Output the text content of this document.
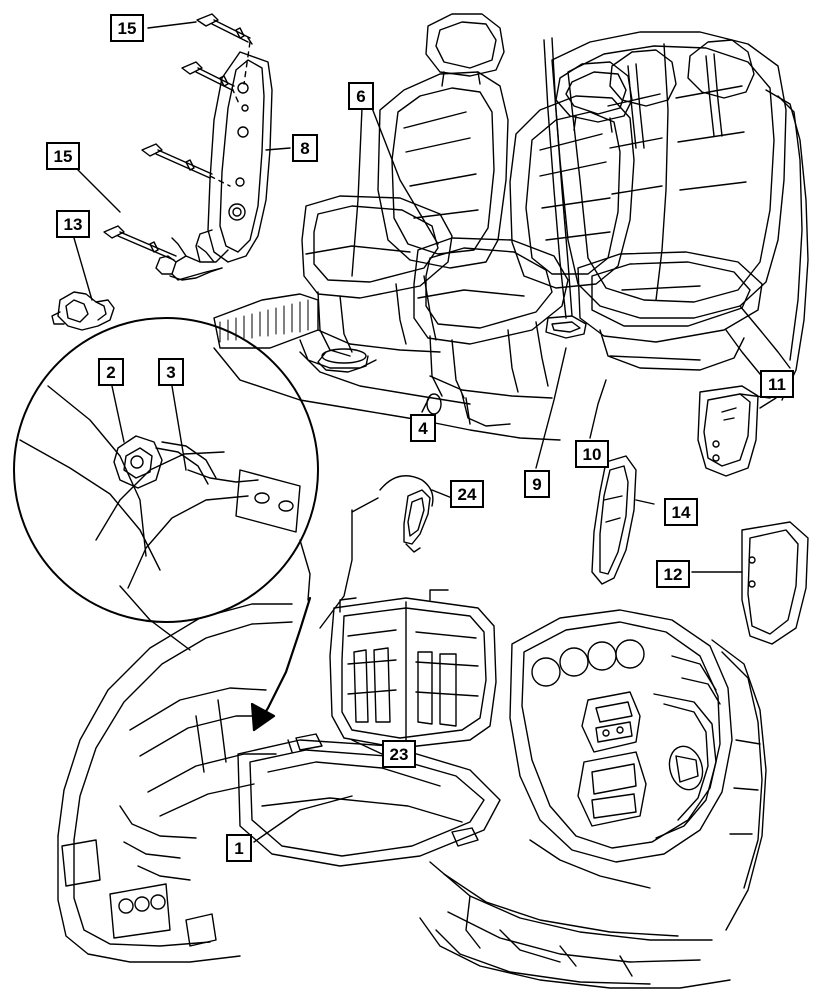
15
6
8
15
13
2	3
11
4
10
9
24
14
12
23
1
